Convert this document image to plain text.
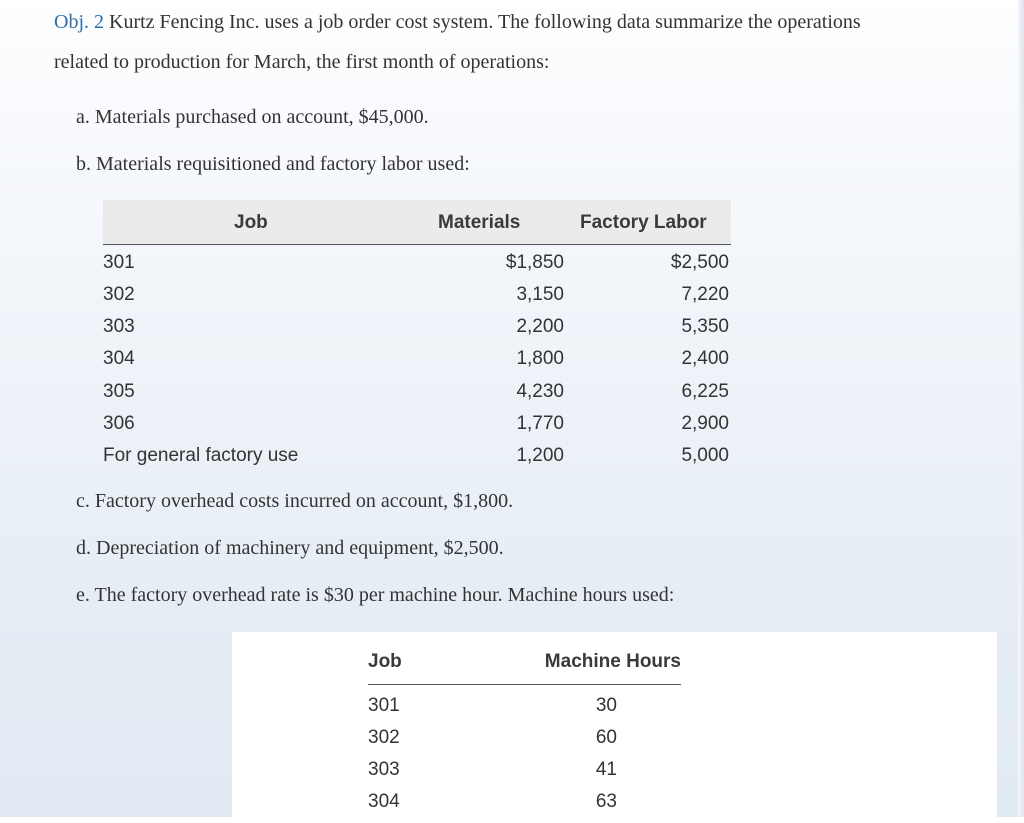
Obj. 2 Kurtz Fencing Inc. uses a job order cost system. The following data summarize the operations
related to production for March, the first month of operations:

a. Materials purchased on account, $45,000.

b. Materials requisitioned and factory labor used:

Job	Materials	Factory Labor
301	$1,850	$2,500
302	3,150	7,220
303	2,200	5,350
304	1,800	2,400
305	4,230	6,225
306	1,770	2,900
For general factory use	1,200	5,000

c. Factory overhead costs incurred on account, $1,800.

d. Depreciation of machinery and equipment, $2,500.

e. The factory overhead rate is $30 per machine hour. Machine hours used:

Job	Machine Hours
301	30
302	60
303	41
304	63
